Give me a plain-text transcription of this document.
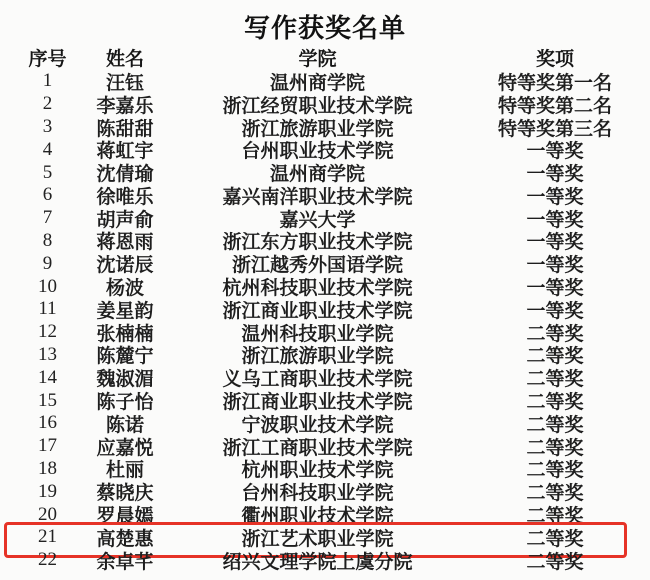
写作获奖名单
序号	姓名	学院	奖项
1	汪钰	温州商学院	特等奖第一名
2	李嘉乐	浙江经贸职业技术学院	特等奖第二名
3	陈甜甜	浙江旅游职业学院	特等奖第三名
4	蒋虹宇	台州职业技术学院	一等奖
5	沈倩瑜	温州商学院	一等奖
6	徐唯乐	嘉兴南洋职业技术学院	一等奖
7	胡声俞	嘉兴大学	一等奖
8	蒋恩雨	浙江东方职业技术学院	一等奖
9	沈诺辰	浙江越秀外国语学院	一等奖
10	杨波	杭州科技职业技术学院	一等奖
11	姜星韵	浙江商业职业技术学院	一等奖
12	张楠楠	温州科技职业学院	二等奖
13	陈麓宁	浙江旅游职业学院	二等奖
14	魏淑湄	义乌工商职业技术学院	二等奖
15	陈子怡	浙江商业职业技术学院	二等奖
16	陈诺	宁波职业技术学院	二等奖
17	应嘉悦	浙江工商职业技术学院	二等奖
18	杜丽	杭州职业技术学院	二等奖
19	蔡晓庆	台州科技职业学院	二等奖
20	罗晨嫣	衢州职业技术学院	二等奖
21	高楚惠	浙江艺术职业学院	二等奖
22	余卓芊	绍兴文理学院上虞分院	二等奖
